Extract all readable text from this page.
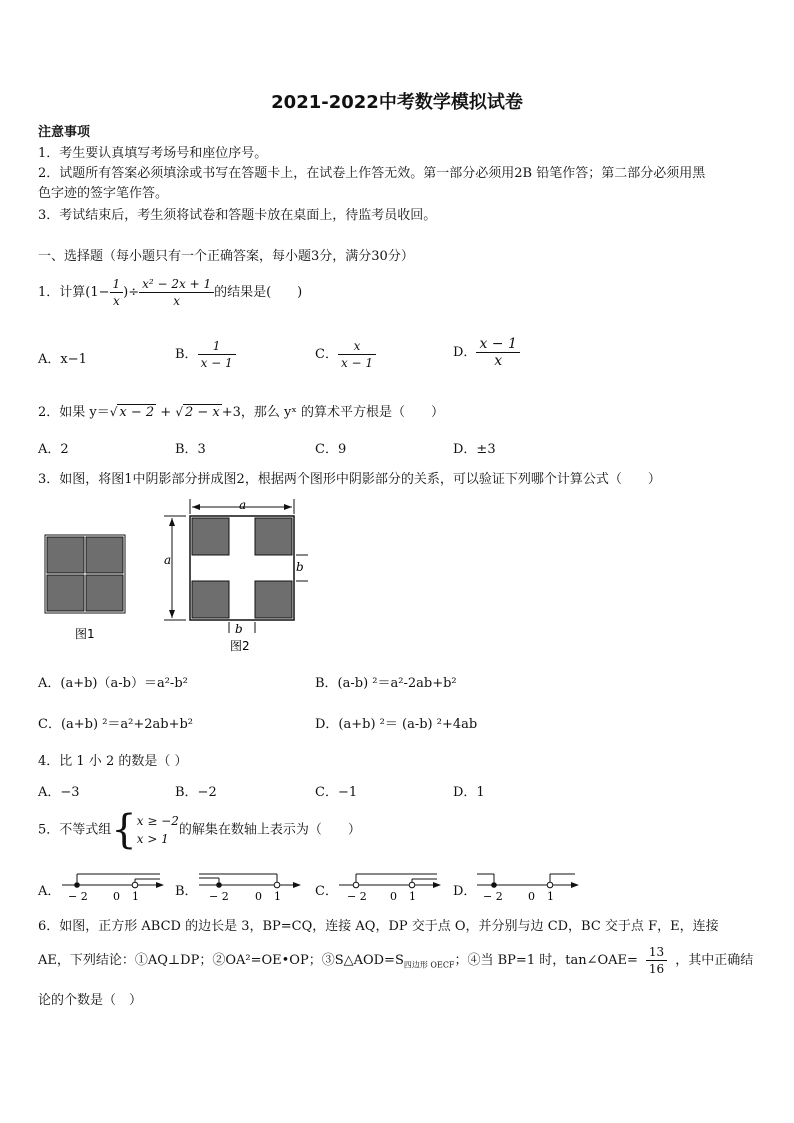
2021-2022中考数学模拟试卷
注意事项
1．考生要认真填写考场号和座位序号。
2．试题所有答案必须填涂或书写在答题卡上，在试卷上作答无效。第一部分必须用2B 铅笔作答；第二部分必须用黑
色字迹的签字笔作答。
3．考试结束后，考生须将试卷和答题卡放在桌面上，待监考员收回。
一、选择题（每小题只有一个正确答案，每小题3分，满分30分）
1．计算($1- \frac{1}{x}$ )÷ $\frac{\text{x² − 2x + 1}}{x}$ 的结果是(　　)
A．x−1	B． $\frac{1}{x - 1}$	C． $\frac{x}{x - 1}$	D． $\frac{x - 1}{x}$
2．如果 y＝√ x − 2 + √ 2 − x +3，那么 yˣ 的算术平方根是（　　）
A．2	B．3	C．9	D．±3
3．如图，将图1中阴影部分拼成图2，根据两个图形中阴影部分的关系，可以验证下列哪个计算公式（　　）
a
a	b
b
图1
图2
A．(a+b)（a-b）＝a²-b²	B．(a-b) ²＝a²-2ab+b²
C．(a+b) ²＝a²+2ab+b²	D．(a+b) ²＝ (a-b) ²+4ab
4．比 1 小 2 的数是（ ）
A．−3	B．−2	C．−1	D．1
5．不等式组{ x ≥ −2
x > 1
的解集在数轴上表示为（　　）
A．	B．	C．	D．
− 2 0 1	− 2 0 1	− 2 0 1	− 2 0 1
6．如图，正方形 ABCD 的边长是 3，BP=CQ，连接 AQ，DP 交于点 O，并分别与边 CD，BC 交于点 F，E，连接
AE，下列结论：①AQ⊥DP；②OA²=OE•OP；$③S\triangle AOD=S_{四边形 OECF}$；④当 BP=1 时，tan∠OAE= $\frac{13}{16}$ ，其中正确结
论的个数是（　）
